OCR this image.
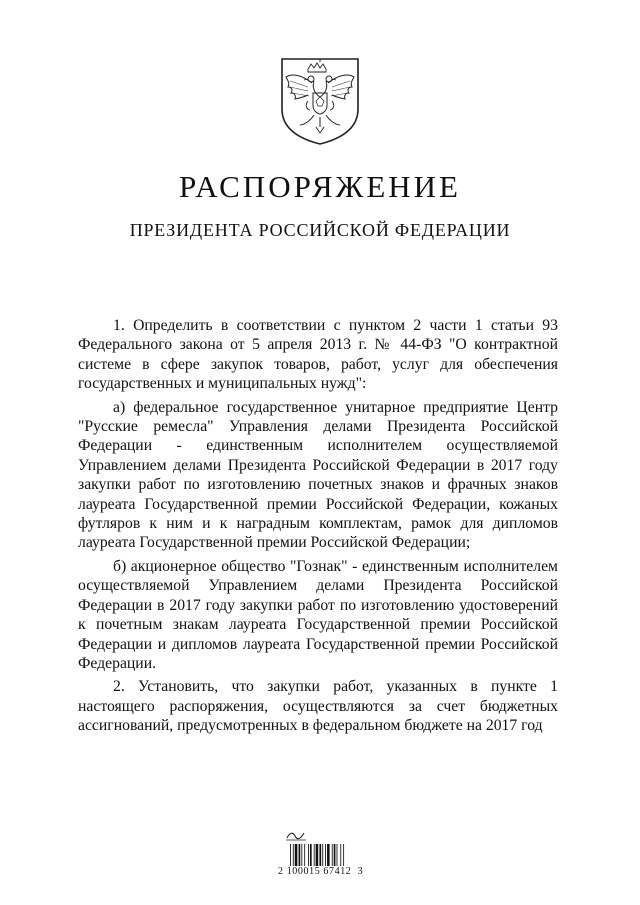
РАСПОРЯЖЕНИЕ
ПРЕЗИДЕНТА РОССИЙСКОЙ ФЕДЕРАЦИИ

1. Определить в соответствии с пунктом 2 части 1 статьи 93 Федерального закона от 5 апреля 2013 г. № 44-ФЗ "О контрактной системе в сфере закупок товаров, работ, услуг для обеспечения государственных и муниципальных нужд":

а) федеральное государственное унитарное предприятие Центр "Русские ремесла" Управления делами Президента Российской Федерации - единственным исполнителем осуществляемой Управлением делами Президента Российской Федерации в 2017 году закупки работ по изготовлению почетных знаков и фрачных знаков лауреата Государственной премии Российской Федерации, кожаных футляров к ним и к наградным комплектам, рамок для дипломов лауреата Государственной премии Российской Федерации;

б) акционерное общество "Гознак" - единственным исполнителем осуществляемой Управлением делами Президента Российской Федерации в 2017 году закупки работ по изготовлению удостоверений к почетным знакам лауреата Государственной премии Российской Федерации и дипломов лауреата Государственной премии Российской Федерации.

2. Установить, что закупки работ, указанных в пункте 1 настоящего распоряжения, осуществляются за счет бюджетных ассигнований, предусмотренных в федеральном бюджете на 2017 год

2 100015 67412  3
